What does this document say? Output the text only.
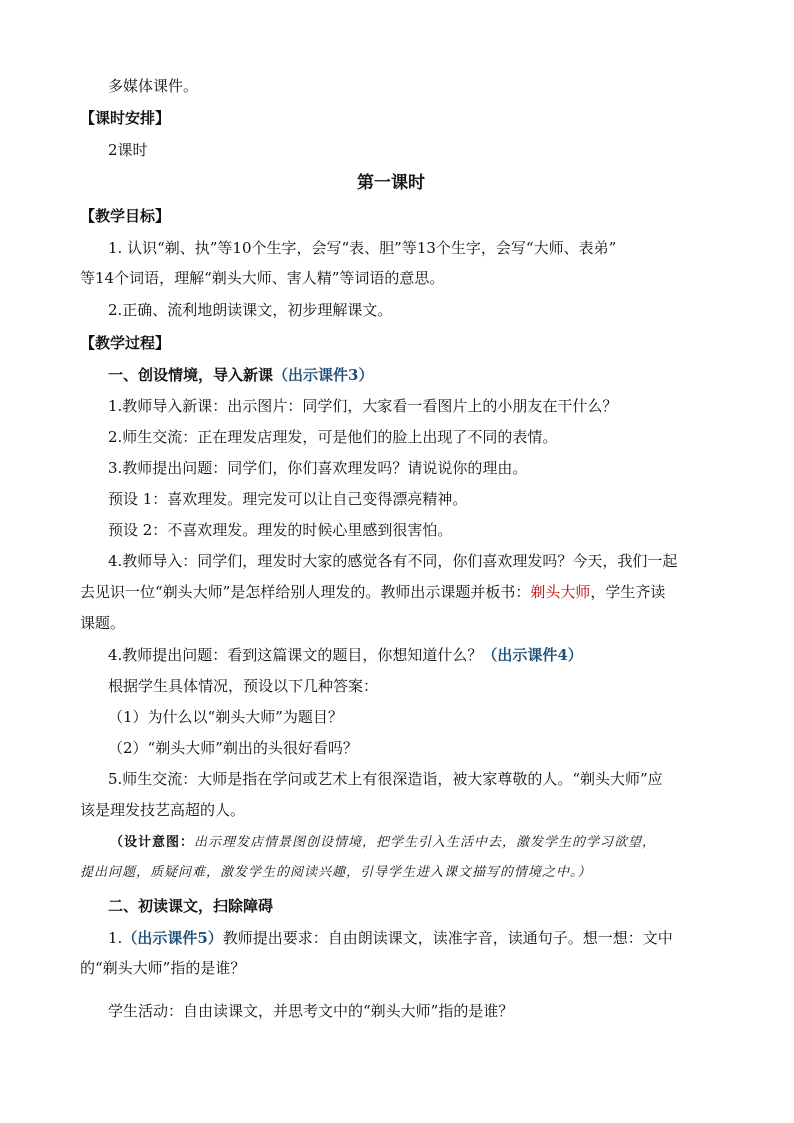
多媒体课件。
【课时安排】
2课时
第一课时
【教学目标】
1. 认识“剃、执”等10个生字，会写“表、胆”等13个生字，会写“大师、表弟”
等14个词语，理解“剃头大师、害人精”等词语的意思。
2.正确、流利地朗读课文，初步理解课文。
【教学过程】
一、创设情境，导入新课（出示课件3）
1.教师导入新课：出示图片：同学们，大家看一看图片上的小朋友在干什么？
2.师生交流：正在理发店理发，可是他们的脸上出现了不同的表情。
3.教师提出问题：同学们，你们喜欢理发吗？请说说你的理由。
预设 1：喜欢理发。理完发可以让自己变得漂亮精神。
预设 2：不喜欢理发。理发的时候心里感到很害怕。
4.教师导入：同学们，理发时大家的感觉各有不同，你们喜欢理发吗？今天，我们一起
去见识一位“剃头大师”是怎样给别人理发的。教师出示课题并板书：剃头大师，学生齐读
课题。
4.教师提出问题：看到这篇课文的题目，你想知道什么？（出示课件4）
根据学生具体情况，预设以下几种答案：
（1）为什么以“剃头大师”为题目？
（2）“剃头大师”剃出的头很好看吗？
5.师生交流：大师是指在学问或艺术上有很深造诣，被大家尊敬的人。“剃头大师”应
该是理发技艺高超的人。
（设计意图：出示理发店情景图创设情境，把学生引入生活中去，激发学生的学习欲望，
提出问题，质疑问难，激发学生的阅读兴趣，引导学生进入课文描写的情境之中。）
二、初读课文，扫除障碍
1.（出示课件5）教师提出要求：自由朗读课文，读准字音，读通句子。想一想：文中
的“剃头大师”指的是谁？
学生活动：自由读课文，并思考文中的“剃头大师”指的是谁？
